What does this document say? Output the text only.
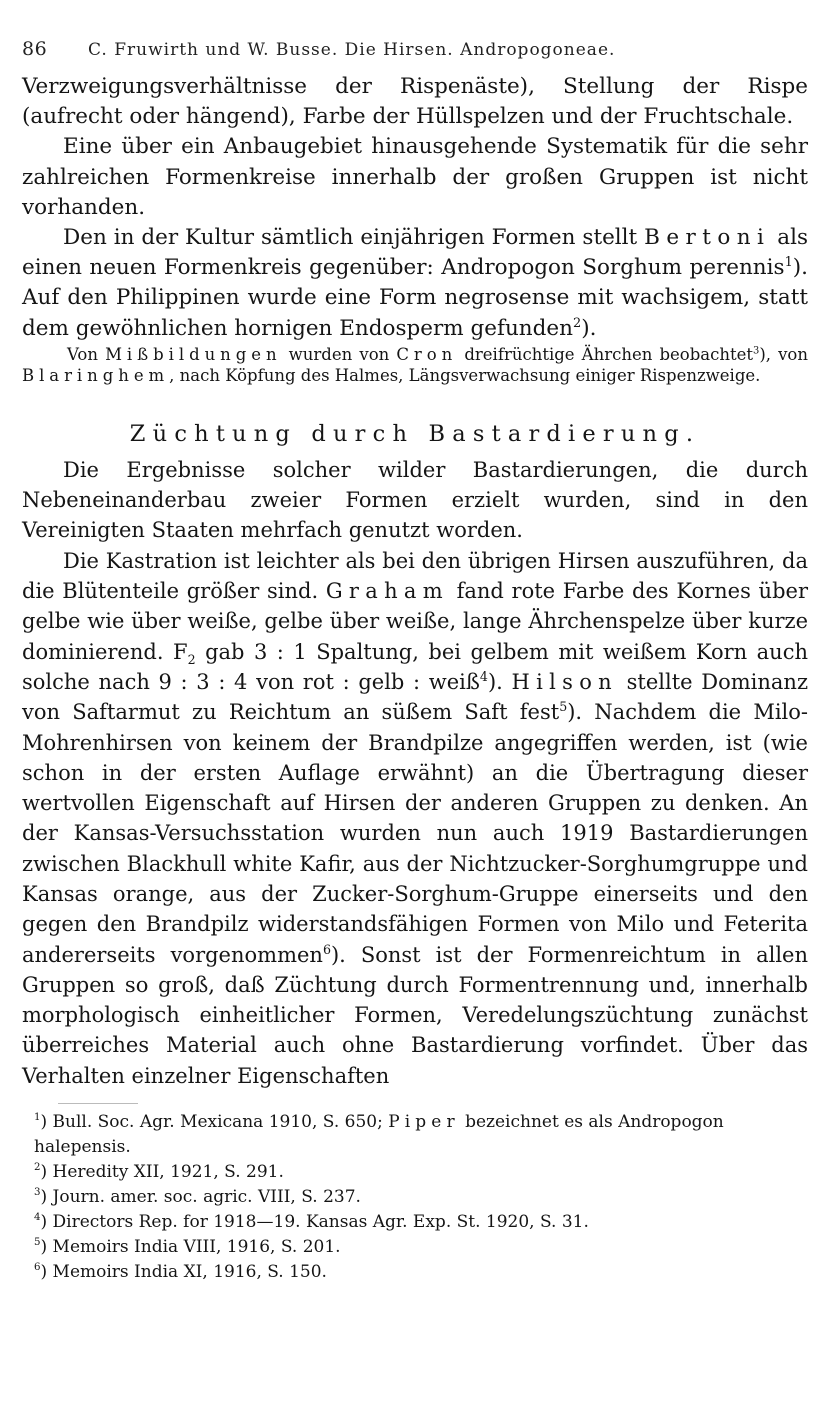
86	C. Fruwirth und W. Busse. Die Hirsen. Andropogoneae.

Verzweigungsverhältnisse der Rispenäste), Stellung der Rispe (aufrecht oder hängend), Farbe der Hüllspelzen und der Fruchtschale.

Eine über ein Anbaugebiet hinausgehende Systematik für die sehr zahlreichen Formenkreise innerhalb der großen Gruppen ist nicht vorhanden.

Den in der Kultur sämtlich einjährigen Formen stellt Bertoni als einen neuen Formenkreis gegenüber: Andropogon Sorghum perennis$^1$). Auf den Philippinen wurde eine Form negrosense mit wachsigem, statt dem gewöhnlichen hornigen Endosperm gefunden$^2$).

Von Mißbildungen wurden von Cron dreifrüchtige Ährchen beobachtet$^3$), von Blaringhem, nach Köpfung des Halmes, Längsverwachsung einiger Rispenzweige.

Züchtung durch Bastardierung.

Die Ergebnisse solcher wilder Bastardierungen, die durch Nebeneinanderbau zweier Formen erzielt wurden, sind in den Vereinigten Staaten mehrfach genutzt worden.

Die Kastration ist leichter als bei den übrigen Hirsen auszuführen, da die Blütenteile größer sind. Graham fand rote Farbe des Kornes über gelbe wie über weiße, gelbe über weiße, lange Ährchenspelze über kurze dominierend. $F_2$ gab 3 : 1 Spaltung, bei gelbem mit weißem Korn auch solche nach 9 : 3 : 4 von rot : gelb : weiß$^4$). Hilson stellte Dominanz von Saftarmut zu Reichtum an süßem Saft fest$^5$). Nachdem die Milo-Mohrenhirsen von keinem der Brandpilze angegriffen werden, ist (wie schon in der ersten Auflage erwähnt) an die Übertragung dieser wertvollen Eigenschaft auf Hirsen der anderen Gruppen zu denken. An der Kansas-Versuchsstation wurden nun auch 1919 Bastardierungen zwischen Blackhull white Kafir, aus der Nichtzucker-Sorghumgruppe und Kansas orange, aus der Zucker-Sorghum-Gruppe einerseits und den gegen den Brandpilz widerstandsfähigen Formen von Milo und Feterita andererseits vorgenommen$^6$). Sonst ist der Formenreichtum in allen Gruppen so groß, daß Züchtung durch Formentrennung und, innerhalb morphologisch einheitlicher Formen, Veredelungszüchtung zunächst überreiches Material auch ohne Bastardierung vorfindet. Über das Verhalten einzelner Eigenschaften

$^1$) Bull. Soc. Agr. Mexicana 1910, S. 650; Piper bezeichnet es als Andropogon halepensis.
$^2$) Heredity XII, 1921, S. 291.
$^3$) Journ. amer. soc. agric. VIII, S. 237.
$^4$) Directors Rep. for 1918—19. Kansas Agr. Exp. St. 1920, S. 31.
$^5$) Memoirs India VIII, 1916, S. 201.
$^6$) Memoirs India XI, 1916, S. 150.
